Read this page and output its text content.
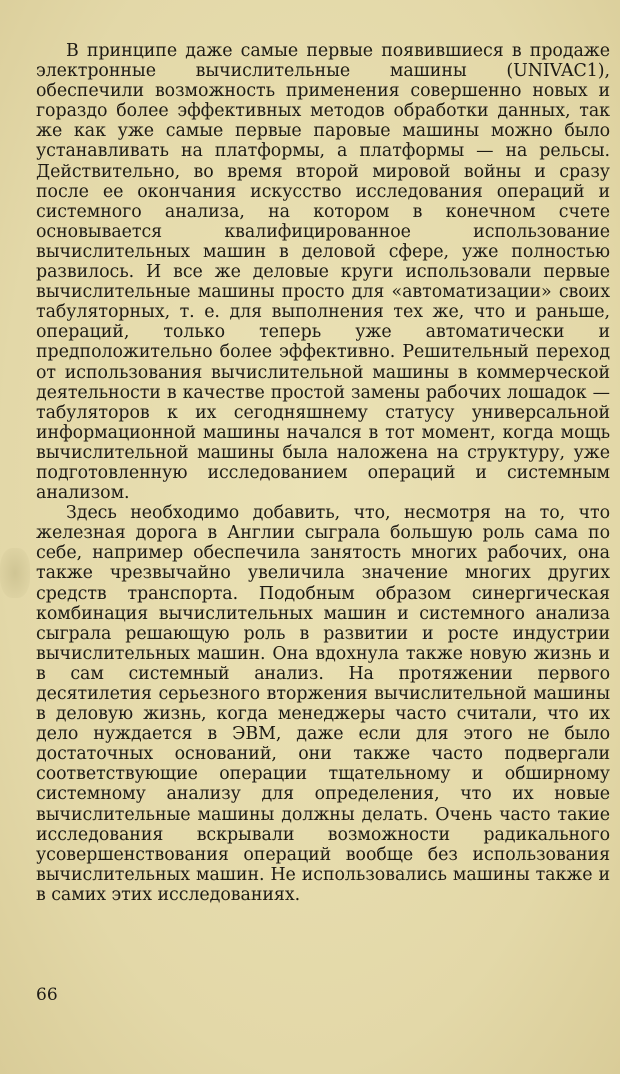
В принципе даже самые первые появившиеся в продаже электронные вычислительные машины (UNIVAC1), обеспечили возможность применения совершенно новых и гораздо более эффективных методов обработки данных, так же как уже самые первые паровые машины можно было устанавливать на платформы, а платформы — на рельсы. Действительно, во время второй мировой войны и сразу после ее окончания искусство исследования операций и системного анализа, на котором в конечном счете основывается квалифицированное использование вычислительных машин в деловой сфере, уже полностью развилось. И все же деловые круги использовали первые вычислительные машины просто для «автоматизации» своих табуляторных, т. е. для выполнения тех же, что и раньше, операций, только теперь уже автоматически и предположительно более эффективно. Решительный переход от использования вычислительной машины в коммерческой деятельности в качестве простой замены рабочих лошадок — табуляторов к их сегодняшнему статусу универсальной информационной машины начался в тот момент, когда мощь вычислительной машины была наложена на структуру, уже подготовленную исследованием операций и системным анализом.

Здесь необходимо добавить, что, несмотря на то, что железная дорога в Англии сыграла большую роль сама по себе, например обеспечила занятость многих рабочих, она также чрезвычайно увеличила значение многих других средств транспорта. Подобным образом синергическая комбинация вычислительных машин и системного анализа сыграла решающую роль в развитии и росте индустрии вычислительных машин. Она вдохнула также новую жизнь и в сам системный анализ. На протяжении первого десятилетия серьезного вторжения вычислительной машины в деловую жизнь, когда менеджеры часто считали, что их дело нуждается в ЭВМ, даже если для этого не было достаточных оснований, они также часто подвергали соответствующие операции тщательному и обширному системному анализу для определения, что их новые вычислительные машины должны делать. Очень часто такие исследования вскрывали возможности радикального усовершенствования операций вообще без использования вычислительных машин. Не использовались машины также и в самих этих исследованиях.

66
